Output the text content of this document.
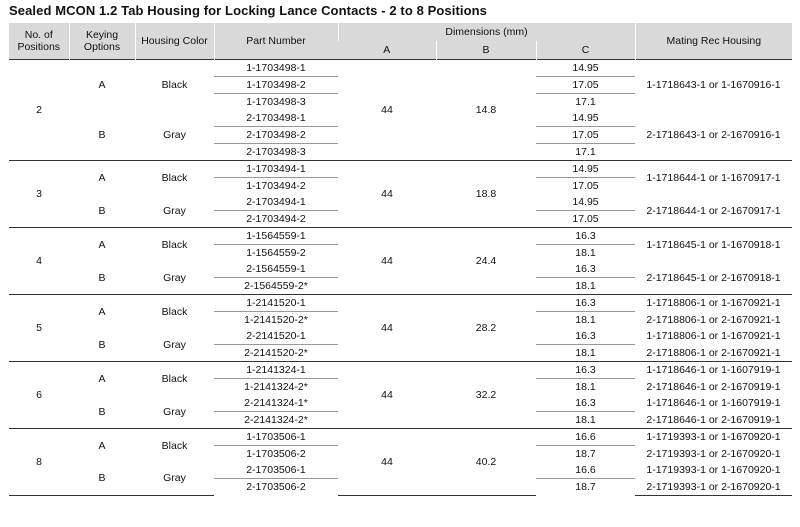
Sealed MCON 1.2 Tab Housing for Locking Lance Contacts - 2 to 8 Positions
No. of Positions	Keying Options	Housing Color	Part Number	Dimensions (mm)			Mating Rec Housing
				A	B	C	
2	A	Black	1-1703498-1	44	14.8	14.95	1-1718643-1 or 1-1670916-1
			1-1703498-2			17.05	
			1-1703498-3			17.1	
	B	Gray	2-1703498-1			14.95	2-1718643-1 or 2-1670916-1
			2-1703498-2			17.05	
			2-1703498-3			17.1	
3	A	Black	1-1703494-1	44	18.8	14.95	1-1718644-1 or 1-1670917-1
			1-1703494-2			17.05	
	B	Gray	2-1703494-1			14.95	2-1718644-1 or 2-1670917-1
			2-1703494-2			17.05	
4	A	Black	1-1564559-1	44	24.4	16.3	1-1718645-1 or 1-1670918-1
			1-1564559-2			18.1	
	B	Gray	2-1564559-1			16.3	2-1718645-1 or 2-1670918-1
			2-1564559-2*			18.1	
5	A	Black	1-2141520-1	44	28.2	16.3	1-1718806-1 or 1-1670921-1
			1-2141520-2*			18.1	2-1718806-1 or 2-1670921-1
	B	Gray	2-2141520-1			16.3	1-1718806-1 or 1-1670921-1
			2-2141520-2*			18.1	2-1718806-1 or 2-1670921-1
6	A	Black	1-2141324-1	44	32.2	16.3	1-1718646-1 or 1-1607919-1
			1-2141324-2*			18.1	2-1718646-1 or 2-1670919-1
	B	Gray	2-2141324-1*			16.3	1-1718646-1 or 1-1607919-1
			2-2141324-2*			18.1	2-1718646-1 or 2-1670919-1
8	A	Black	1-1703506-1	44	40.2	16.6	1-1719393-1 or 1-1670920-1
			1-1703506-2			18.7	2-1719393-1 or 2-1670920-1
	B	Gray	2-1703506-1			16.6	1-1719393-1 or 1-1670920-1
			2-1703506-2			18.7	2-1719393-1 or 2-1670920-1
